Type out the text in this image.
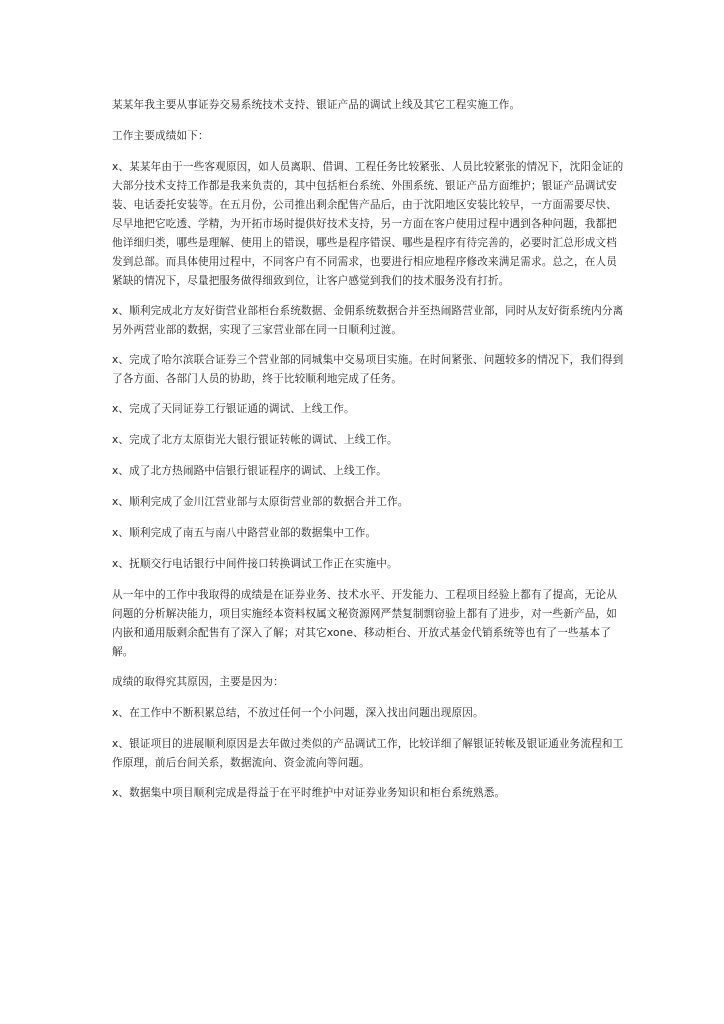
某某年我主要从事证券交易系统技术支持、银证产品的调试上线及其它工程实施工作。

工作主要成绩如下：

x、某某年由于一些客观原因，如人员离职、借调、工程任务比较紧张、人员比较紧张的情况下，沈阳金证的大部分技术支持工作都是我来负责的，其中包括柜台系统、外围系统、银证产品方面维护；银证产品调试安装、电话委托安装等。在五月份，公司推出剩余配售产品后，由于沈阳地区安装比较早，一方面需要尽快、尽早地把它吃透、学精，为开拓市场时提供好技术支持，另一方面在客户使用过程中遇到各种问题，我都把他详细归类，哪些是理解、使用上的错误，哪些是程序错误、哪些是程序有待完善的，必要时汇总形成文档发到总部。而具体使用过程中，不同客户有不同需求，也要进行相应地程序修改来满足需求。总之，在人员紧缺的情况下，尽量把服务做得细致到位，让客户感觉到我们的技术服务没有打折。

x、顺利完成北方友好街营业部柜台系统数据、金佣系统数据合并至热闹路营业部，同时从友好街系统内分离另外两营业部的数据，实现了三家营业部在同一日顺利过渡。

x、完成了哈尔滨联合证券三个营业部的同城集中交易项目实施。在时间紧张、问题较多的情况下，我们得到了各方面、各部门人员的协助，终于比较顺利地完成了任务。

x、完成了天同证券工行银证通的调试、上线工作。

x、完成了北方太原街光大银行银证转帐的调试、上线工作。

x、成了北方热闹路中信银行银证程序的调试、上线工作。

x、顺利完成了金川江营业部与太原街营业部的数据合并工作。

x、顺利完成了南五与南八中路营业部的数据集中工作。

x、抚顺交行电话银行中间件接口转换调试工作正在实施中。

从一年中的工作中我取得的成绩是在证券业务、技术水平、开发能力、工程项目经验上都有了提高，无论从问题的分析解决能力，项目实施经本资料权属文秘资源网严禁复制剽窃验上都有了进步，对一些新产品，如内嵌和通用版剩余配售有了深入了解；对其它xone、移动柜台、开放式基金代销系统等也有了一些基本了解。

成绩的取得究其原因，主要是因为：

x、在工作中不断积累总结，不放过任何一个小问题，深入找出问题出现原因。

x、银证项目的进展顺利原因是去年做过类似的产品调试工作，比较详细了解银证转帐及银证通业务流程和工作原理，前后台间关系，数据流向、资金流向等问题。

x、数据集中项目顺利完成是得益于在平时维护中对证券业务知识和柜台系统熟悉。
